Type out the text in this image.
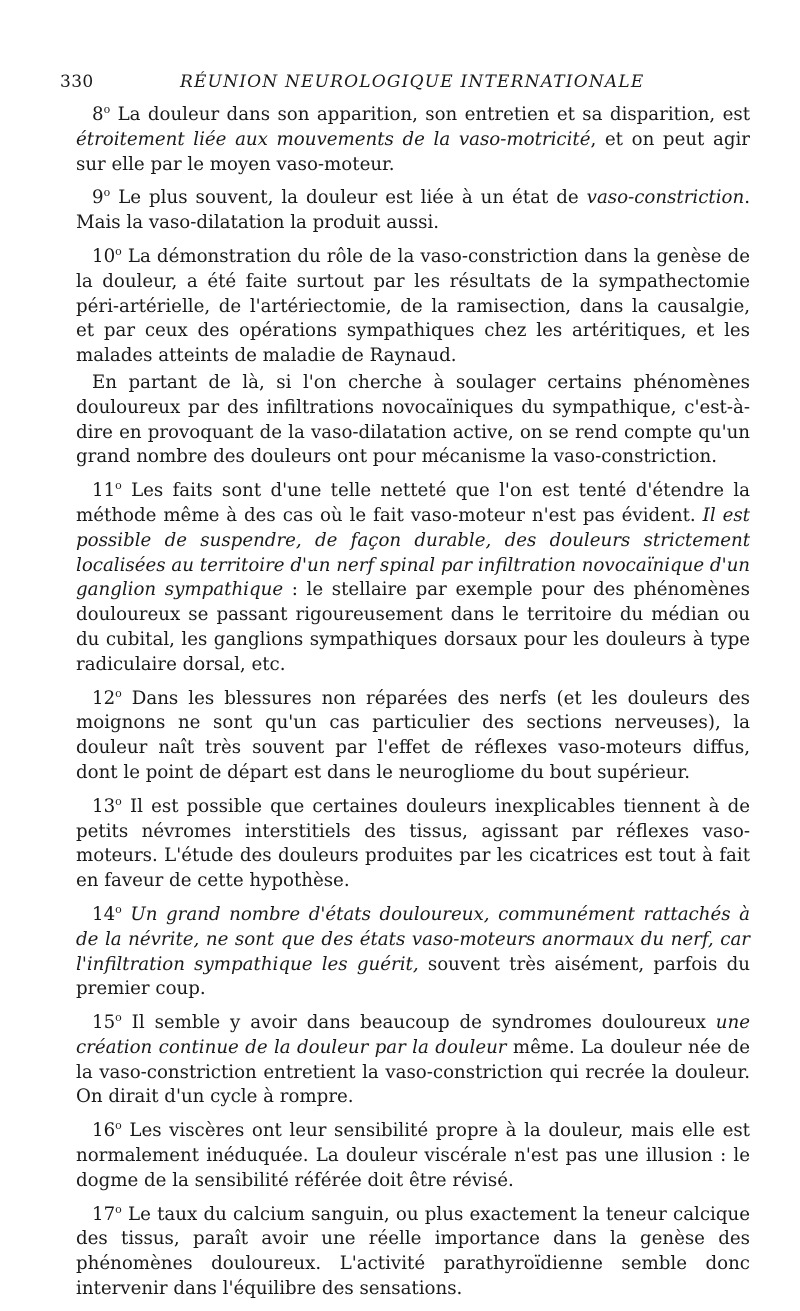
330	RÉUNION NEUROLOGIQUE INTERNATIONALE

8$^o$ La douleur dans son apparition, son entretien et sa disparition, est étroitement liée aux mouvements de la vaso-motricité, et on peut agir sur elle par le moyen vaso-moteur.

9$^o$ Le plus souvent, la douleur est liée à un état de vaso-constriction. Mais la vaso-dilatation la produit aussi.

10$^o$ La démonstration du rôle de la vaso-constriction dans la genèse de la douleur, a été faite surtout par les résultats de la sympathectomie péri-artérielle, de l'artériectomie, de la ramisection, dans la causalgie, et par ceux des opérations sympathiques chez les artéritiques, et les malades atteints de maladie de Raynaud.

En partant de là, si l'on cherche à soulager certains phénomènes douloureux par des infiltrations novocaïniques du sympathique, c'est-à-dire en provoquant de la vaso-dilatation active, on se rend compte qu'un grand nombre des douleurs ont pour mécanisme la vaso-constriction.

11$^o$ Les faits sont d'une telle netteté que l'on est tenté d'étendre la méthode même à des cas où le fait vaso-moteur n'est pas évident. Il est possible de suspendre, de façon durable, des douleurs strictement localisées au territoire d'un nerf spinal par infiltration novocaïnique d'un ganglion sympathique : le stellaire par exemple pour des phénomènes douloureux se passant rigoureusement dans le territoire du médian ou du cubital, les ganglions sympathiques dorsaux pour les douleurs à type radiculaire dorsal, etc.

12$^o$ Dans les blessures non réparées des nerfs (et les douleurs des moignons ne sont qu'un cas particulier des sections nerveuses), la douleur naît très souvent par l'effet de réflexes vaso-moteurs diffus, dont le point de départ est dans le neurogliome du bout supérieur.

13$^o$ Il est possible que certaines douleurs inexplicables tiennent à de petits névromes interstitiels des tissus, agissant par réflexes vaso-moteurs. L'étude des douleurs produites par les cicatrices est tout à fait en faveur de cette hypothèse.

14$^o$ Un grand nombre d'états douloureux, communément rattachés à de la névrite, ne sont que des états vaso-moteurs anormaux du nerf, car l'infiltration sympathique les guérit, souvent très aisément, parfois du premier coup.

15$^o$ Il semble y avoir dans beaucoup de syndromes douloureux une création continue de la douleur par la douleur même. La douleur née de la vaso-constriction entretient la vaso-constriction qui recrée la douleur. On dirait d'un cycle à rompre.

16$^o$ Les viscères ont leur sensibilité propre à la douleur, mais elle est normalement inéduquée. La douleur viscérale n'est pas une illusion : le dogme de la sensibilité référée doit être révisé.

17$^o$ Le taux du calcium sanguin, ou plus exactement la teneur calcique des tissus, paraît avoir une réelle importance dans la genèse des phénomènes douloureux. L'activité parathyroïdienne semble donc intervenir dans l'équilibre des sensations.
